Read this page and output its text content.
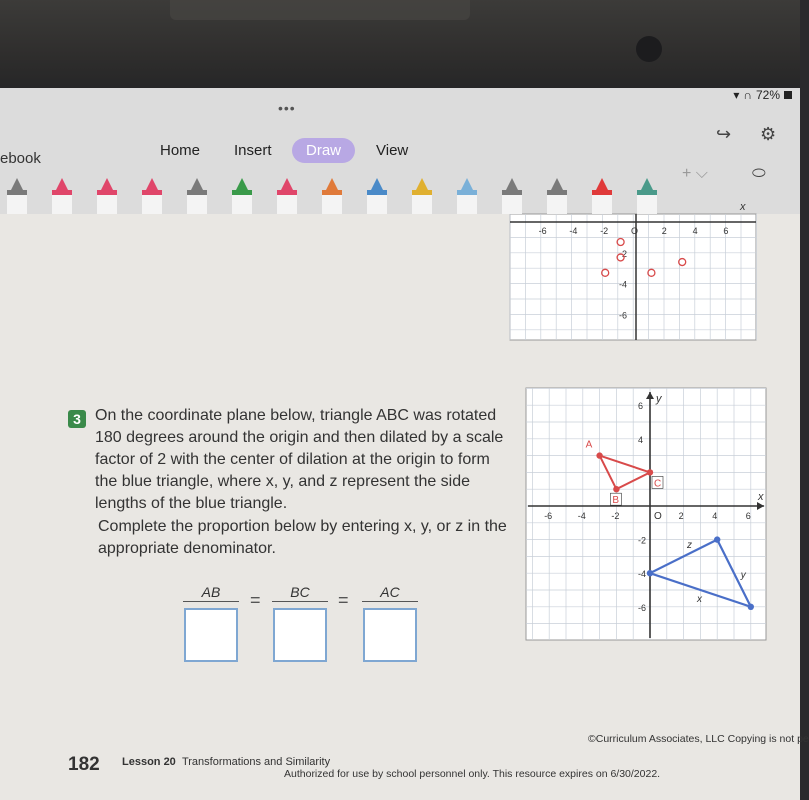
▾ ∩ 72%
•••
ebook	Home	Insert	Draw	View
↪ ⚙
+ ⌵	⬭
x
-6	-4	-2	O	2	4	6
-2
-4
-6
3 On the coordinate plane below, triangle ABC was rotated 180 degrees around the origin and then dilated by a scale factor of 2 with the center of dilation at the origin to form the blue triangle, where x, y, and z represent the side lengths of the blue triangle.

Complete the proportion below by entering x, y, or z in the appropriate denominator.

AB	=	BC	=	AC
x
y
O
-6	-4	-2	2	4	6
6
4
-2
-4
-6
A
B
C
z
y
x
182 Lesson 20 Transformations and Similarity
©Curriculum Associates, LLC Copying is not pe
Authorized for use by school personnel only. This resource expires on 6/30/2022.
